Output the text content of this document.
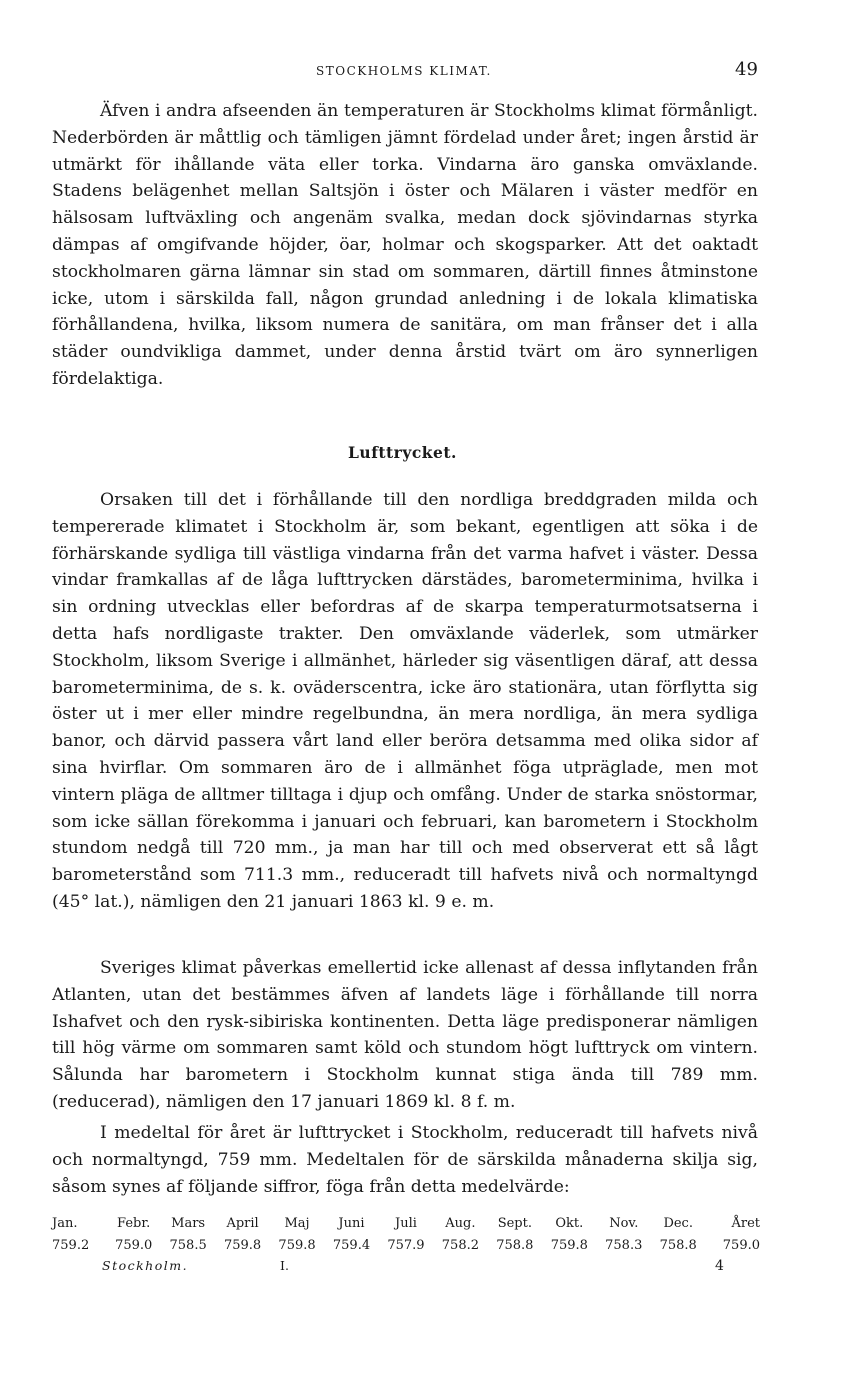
STOCKHOLMS KLIMAT.	49

Äfven i andra afseenden än temperaturen är Stockholms klimat förmånligt. Nederbörden är måttlig och tämligen jämnt fördelad under året; ingen årstid är utmärkt för ihållande väta eller torka. Vindarna äro ganska omväxlande. Stadens belägenhet mellan Saltsjön i öster och Mälaren i väster medför en hälsosam luftväxling och angenäm svalka, medan dock sjövindarnas styrka dämpas af omgifvande höjder, öar, holmar och skogsparker. Att det oaktadt stockholmaren gärna lämnar sin stad om sommaren, därtill finnes åtminstone icke, utom i särskilda fall, någon grundad anledning i de lokala klimatiska förhållandena, hvilka, liksom numera de sanitära, om man frånser det i alla städer oundvikliga dammet, under denna årstid tvärt om äro synnerligen fördelaktiga.

Lufttrycket.

Orsaken till det i förhållande till den nordliga breddgraden milda och tempererade klimatet i Stockholm är, som bekant, egentligen att söka i de förhärskande sydliga till västliga vindarna från det varma hafvet i väster. Dessa vindar framkallas af de låga lufttrycken därstädes, barometerminima, hvilka i sin ordning utvecklas eller befordras af de skarpa temperaturmotsatserna i detta hafs nordligaste trakter. Den omväxlande väderlek, som utmärker Stockholm, liksom Sverige i allmänhet, härleder sig väsentligen däraf, att dessa barometerminima, de s. k. oväderscentra, icke äro stationära, utan förflytta sig öster ut i mer eller mindre regelbundna, än mera nordliga, än mera sydliga banor, och därvid passera vårt land eller beröra detsamma med olika sidor af sina hvirflar. Om sommaren äro de i allmänhet föga utpräglade, men mot vintern pläga de alltmer tilltaga i djup och omfång. Under de starka snöstormar, som icke sällan förekomma i januari och februari, kan barometern i Stockholm stundom nedgå till 720 mm., ja man har till och med observerat ett så lågt barometerstånd som 711.3 mm., reduceradt till hafvets nivå och normaltyngd (45° lat.), nämligen den 21 januari 1863 kl. 9 e. m.

Sveriges klimat påverkas emellertid icke allenast af dessa inflytanden från Atlanten, utan det bestämmes äfven af landets läge i förhållande till norra Ishafvet och den rysk-sibiriska kontinenten. Detta läge predisponerar nämligen till hög värme om sommaren samt köld och stundom högt lufttryck om vintern. Sålunda har barometern i Stockholm kunnat stiga ända till 789 mm. (reducerad), nämligen den 17 januari 1869 kl. 8 f. m.

I medeltal för året är lufttrycket i Stockholm, reduceradt till hafvets nivå och normaltyngd, 759 mm. Medeltalen för de särskilda månaderna skilja sig, såsom synes af följande siffror, föga från detta medelvärde:

Jan.	Febr.	Mars	April	Maj	Juni	Juli	Aug.	Sept.	Okt.	Nov.	Dec.	Året
759.2	759.0	758.5	759.8	759.8	759.4	757.9	758.2	758.8	759.8	758.3	758.8	759.0
Stockholm.	I.	4
